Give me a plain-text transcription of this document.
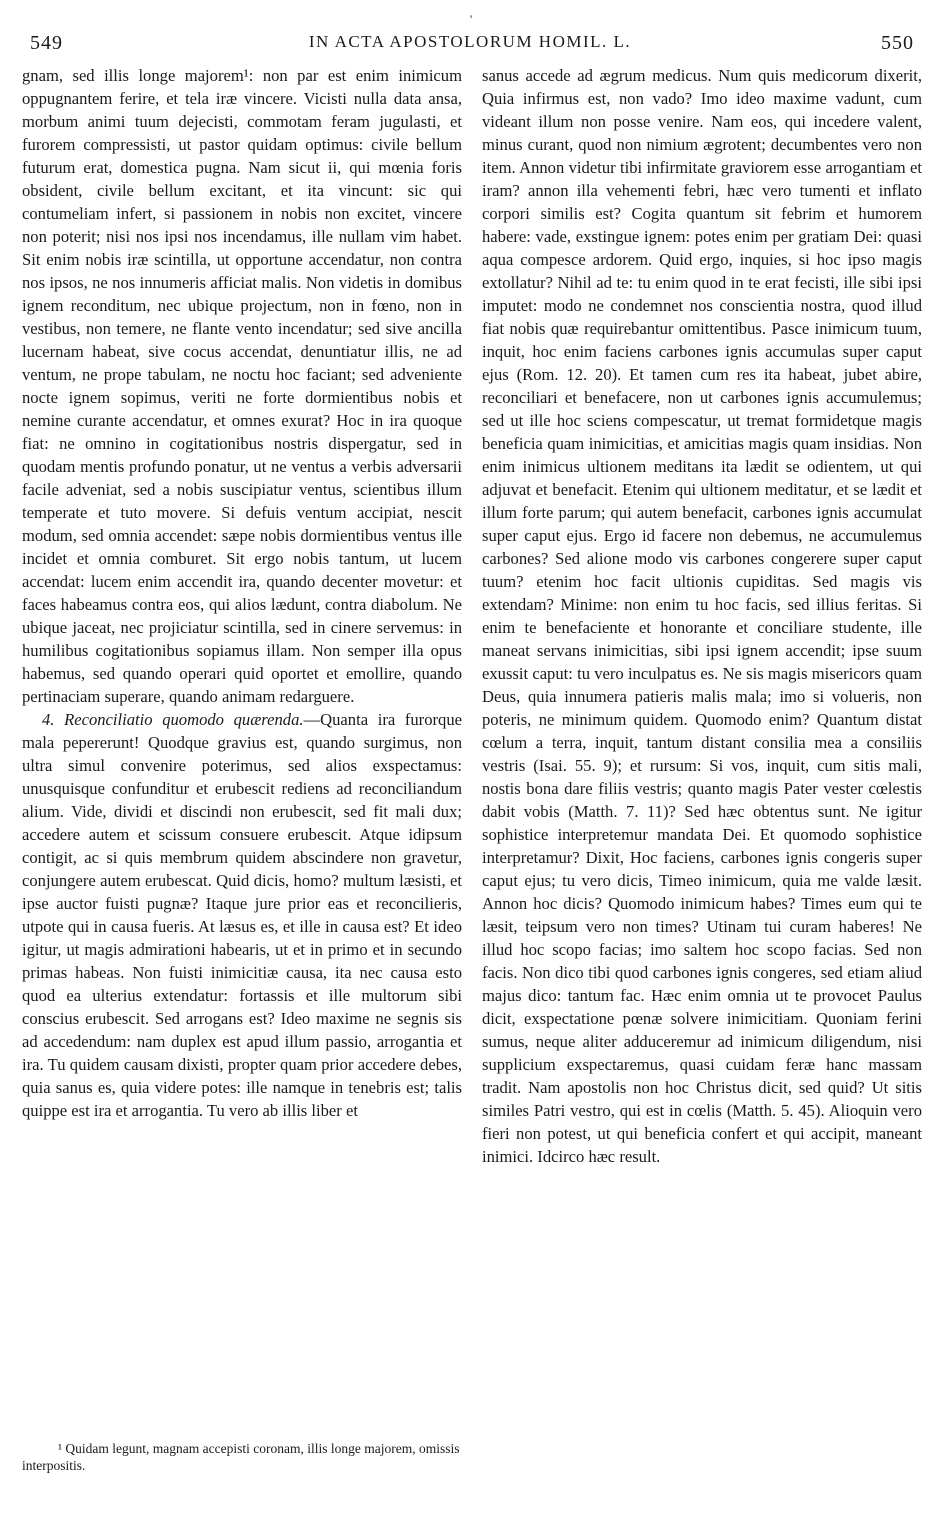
'
549	IN ACTA APOSTOLORUM HOMIL. L.	550

gnam, sed illis longe majorem¹: non par est enim inimicum oppugnantem ferire, et tela iræ vincere. Vicisti nulla data ansa, morbum animi tuum dejecisti, commotam feram jugulasti, et furorem compressisti, ut pastor quidam optimus: civile bellum futurum erat, domestica pugna. Nam sicut ii, qui mœnia foris obsident, civile bellum excitant, et ita vincunt: sic qui contumeliam infert, si passionem in nobis non excitet, vincere non poterit; nisi nos ipsi nos incendamus, ille nullam vim habet. Sit enim nobis iræ scintilla, ut opportune accendatur, non contra nos ipsos, ne nos innumeris afficiat malis. Non videtis in domibus ignem reconditum, nec ubique projectum, non in fœno, non in vestibus, non temere, ne flante vento incendatur; sed sive ancilla lucernam habeat, sive cocus accendat, denuntiatur illis, ne ad ventum, ne prope tabulam, ne noctu hoc faciant; sed adveniente nocte ignem sopimus, veriti ne forte dormientibus nobis et nemine curante accendatur, et omnes exurat? Hoc in ira quoque fiat: ne omnino in cogitationibus nostris dispergatur, sed in quodam mentis profundo ponatur, ut ne ventus a verbis adversarii facile adveniat, sed a nobis suscipiatur ventus, scientibus illum temperate et tuto movere. Si defuis ventum accipiat, nescit modum, sed omnia accendet: sæpe nobis dormientibus ventus ille incidet et omnia comburet. Sit ergo nobis tantum, ut lucem accendat: lucem enim accendit ira, quando decenter movetur: et faces habeamus contra eos, qui alios lædunt, contra diabolum. Ne ubique jaceat, nec projiciatur scintilla, sed in cinere servemus: in humilibus cogitationibus sopiamus illam. Non semper illa opus habemus, sed quando operari quid oportet et emollire, quando pertinaciam superare, quando animam redarguere.

4. Reconciliatio quomodo quærenda.—Quanta ira furorque mala pepererunt! Quodque gravius est, quando surgimus, non ultra simul convenire poterimus, sed alios exspectamus: unusquisque confunditur et erubescit rediens ad reconciliandum alium. Vide, dividi et discindi non erubescit, sed fit mali dux; accedere autem et scissum consuere erubescit. Atque idipsum contigit, ac si quis membrum quidem abscindere non gravetur, conjungere autem erubescat. Quid dicis, homo? multum læsisti, et ipse auctor fuisti pugnæ? Itaque jure prior eas et reconcilieris, utpote qui in causa fueris. At læsus es, et ille in causa est? Et ideo igitur, ut magis admirationi habearis, ut et in primo et in secundo primas habeas. Non fuisti inimicitiæ causa, ita nec causa esto quod ea ulterius extendatur: fortassis et ille multorum sibi conscius erubescit. Sed arrogans est? Ideo maxime ne segnis sis ad accedendum: nam duplex est apud illum passio, arrogantia et ira. Tu quidem causam dixisti, propter quam prior accedere debes, quia sanus es, quia videre potes: ille namque in tenebris est; talis quippe est ira et arrogantia. Tu vero ab illis liber et

sanus accede ad ægrum medicus. Num quis medicorum dixerit, Quia infirmus est, non vado? Imo ideo maxime vadunt, cum videant illum non posse venire. Nam eos, qui incedere valent, minus curant, quod non nimium ægrotent; decumbentes vero non item. Annon videtur tibi infirmitate graviorem esse arrogantiam et iram? annon illa vehementi febri, hæc vero tumenti et inflato corpori similis est? Cogita quantum sit febrim et humorem habere: vade, exstingue ignem: potes enim per gratiam Dei: quasi aqua compesce ardorem. Quid ergo, inquies, si hoc ipso magis extollatur? Nihil ad te: tu enim quod in te erat fecisti, ille sibi ipsi imputet: modo ne condemnet nos conscientia nostra, quod illud fiat nobis quæ requirebantur omittentibus. Pasce inimicum tuum, inquit, hoc enim faciens carbones ignis accumulas super caput ejus (Rom. 12. 20). Et tamen cum res ita habeat, jubet abire, reconciliari et benefacere, non ut carbones ignis accumulemus; sed ut ille hoc sciens compescatur, ut tremat formidetque magis beneficia quam inimicitias, et amicitias magis quam insidias. Non enim inimicus ultionem meditans ita lædit se odientem, ut qui adjuvat et benefacit. Etenim qui ultionem meditatur, et se lædit et illum forte parum; qui autem benefacit, carbones ignis accumulat super caput ejus. Ergo id facere non debemus, ne accumulemus carbones? Sed alione modo vis carbones congerere super caput tuum? etenim hoc facit ultionis cupiditas. Sed magis vis extendam? Minime: non enim tu hoc facis, sed illius feritas. Si enim te benefaciente et honorante et conciliare studente, ille maneat servans inimicitias, sibi ipsi ignem accendit; ipse suum exussit caput: tu vero inculpatus es. Ne sis magis misericors quam Deus, quia innumera patieris malis mala; imo si volueris, non poteris, ne minimum quidem. Quomodo enim? Quantum distat cœlum a terra, inquit, tantum distant consilia mea a consiliis vestris (Isai. 55. 9); et rursum: Si vos, inquit, cum sitis mali, nostis bona dare filiis vestris; quanto magis Pater vester cœlestis dabit vobis (Matth. 7. 11)? Sed hæc obtentus sunt. Ne igitur sophistice interpretemur mandata Dei. Et quomodo sophistice interpretamur? Dixit, Hoc faciens, carbones ignis congeris super caput ejus; tu vero dicis, Timeo inimicum, quia me valde læsit. Annon hoc dicis? Quomodo inimicum habes? Times eum qui te læsit, teipsum vero non times? Utinam tui curam haberes! Ne illud hoc scopo facias; imo saltem hoc scopo facias. Sed non facis. Non dico tibi quod carbones ignis congeres, sed etiam aliud majus dico: tantum fac. Hæc enim omnia ut te provocet Paulus dicit, exspectatione pœnæ solvere inimicitiam. Quoniam ferini sumus, neque aliter adduceremur ad inimicum diligendum, nisi supplicium exspectaremus, quasi cuidam feræ hanc massam tradit. Nam apostolis non hoc Christus dicit, sed quid? Ut sitis similes Patri vestro, qui est in cœlis (Matth. 5. 45). Alioquin vero fieri non potest, ut qui beneficia confert et qui accipit, maneant inimici. Idcirco hæc result.

¹ Quidam legunt, magnam accepisti coronam, illis longe majorem, omissis interpositis.
